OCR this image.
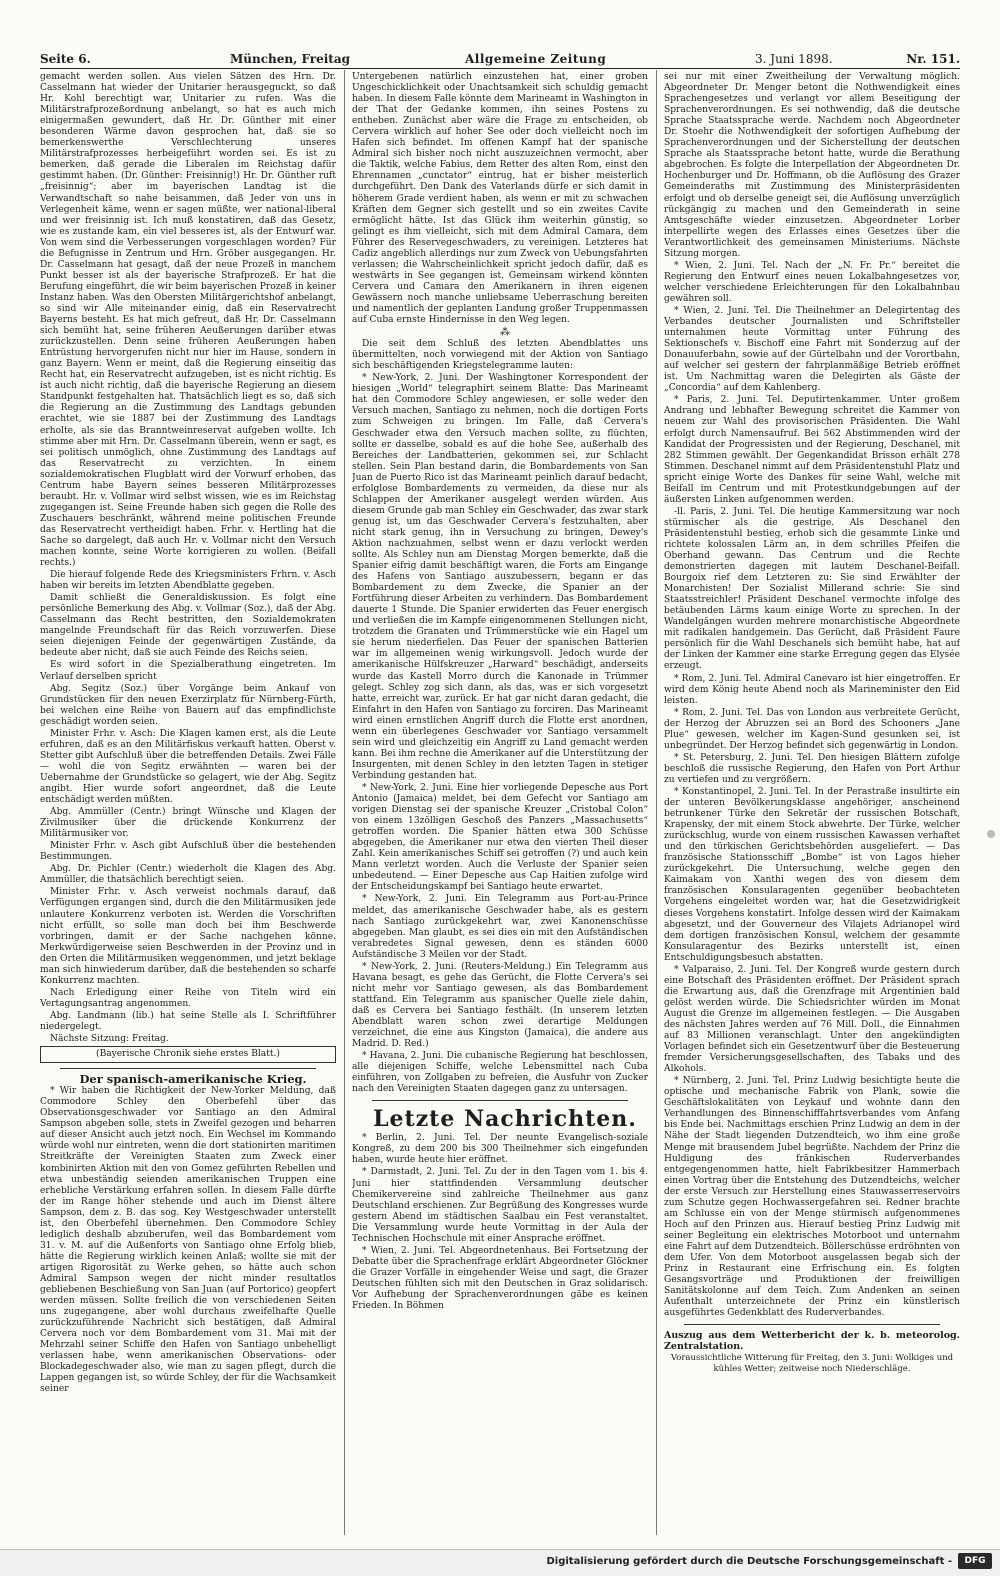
Seite 6.	München, Freitag	Allgemeine Zeitung	3. Juni 1898.	Nr. 151.

gemacht werden sollen. Aus vielen Sätzen des Hrn. Dr. Casselmann hat wieder der Unitarier herausgeguckt, so daß Hr. Kohl berechtigt war, Unitarier zu rufen. Was die Militärstrafprozeßordnung anbelangt, so hat es auch mich einigermaßen gewundert, daß Hr. Dr. Günther mit einer besonderen Wärme davon gesprochen hat, daß sie so bemerkenswerthe Verschlechterung unseres Militärstrafprozesses herbeigeführt worden sei. Es ist zu bemerken, daß gerade die Liberalen im Reichstag dafür gestimmt haben. (Dr. Günther: Freisinnig!) Hr. Dr. Günther ruft „freisinnig“; aber im bayerischen Landtag ist die Verwandtschaft so nahe beisammen, daß Jeder von uns in Verlegenheit käme, wenn er sagen müßte, wer national-liberal und wer freisinnig ist. Ich muß konstatiren, daß das Gesetz, wie es zustande kam, ein viel besseres ist, als der Entwurf war. Von wem sind die Verbesserungen vorgeschlagen worden? Für die Befugnisse in Zentrum und Hrn. Gröber ausgegangen. Hr. Dr. Casselmann hat gesagt, daß der neue Prozeß in manchem Punkt besser ist als der bayerische Strafprozeß. Er hat die Berufung eingeführt, die wir beim bayerischen Prozeß in keiner Instanz haben. Was den Obersten Militärgerichtshof anbelangt, so sind wir Alle miteinander einig, daß ein Reservatrecht Bayerns besteht. Es hat mich gefreut, daß Hr. Dr. Casselmann sich bemüht hat, seine früheren Aeußerungen darüber etwas zurückzustellen. Denn seine früheren Aeußerungen haben Entrüstung hervorgerufen nicht nur hier im Hause, sondern in ganz Bayern. Wenn er meint, daß die Regierung einseitig das Recht hat, ein Reservatrecht aufzugeben, ist es nicht richtig. Es ist auch nicht richtig, daß die bayerische Regierung an diesem Standpunkt festgehalten hat. Thatsächlich liegt es so, daß sich die Regierung an die Zustimmung des Landtags gebunden erachtet, wie sie 1887 bei der Zustimmung des Landtags erholte, als sie das Branntweinreservat aufgeben wollte. Ich stimme aber mit Hrn. Dr. Casselmann überein, wenn er sagt, es sei politisch unmöglich, ohne Zustimmung des Landtags auf das Reservatrecht zu verzichten. In einem sozialdemokratischen Flugblatt wird der Vorwurf erhoben, das Centrum habe Bayern seines besseren Militärprozesses beraubt. Hr. v. Vollmar wird selbst wissen, wie es im Reichstag zugegangen ist. Seine Freunde haben sich gegen die Rolle des Zuschauers beschränkt, während meine politischen Freunde das Reservatrecht vertheidigt haben. Frhr. v. Hertling hat die Sache so dargelegt, daß auch Hr. v. Vollmar nicht den Versuch machen konnte, seine Worte korrigieren zu wollen. (Beifall rechts.)

Die hierauf folgende Rede des Kriegsministers Frhrn. v. Asch haben wir bereits im letzten Abendblatte gegeben.

Damit schließt die Generaldiskussion. Es folgt eine persönliche Bemerkung des Abg. v. Vollmar (Soz.), daß der Abg. Casselmann das Recht bestritten, den Sozialdemokraten mangelnde Freundschaft für das Reich vorzuwerfen. Diese seien diejenigen Feinde der gegenwärtigen Zustände, da bedeute aber nicht, daß sie auch Feinde des Reichs seien.

Es wird sofort in die Spezialberathung eingetreten. Im Verlauf derselben spricht

Abg. Segitz (Soz.) über Vorgänge beim Ankauf von Grundstücken für den neuen Exerzirplatz für Nürnberg-Fürth, bei welchen eine Reihe von Bauern auf das empfindlichste geschädigt worden seien.

Minister Frhr. v. Asch: Die Klagen kamen erst, als die Leute erfuhren, daß es an den Militärfiskus verkauft hatten. Oberst v. Stetter gibt Aufschluß über die betreffenden Details. Zwei Fälle — wohl die von Segitz erwähnten — waren bei der Uebernahme der Grundstücke so gelagert, wie der Abg. Segitz angibt. Hier wurde sofort angeordnet, daß die Leute entschädigt werden müßten.

Abg. Ammüller (Centr.) bringt Wünsche und Klagen der Zivilmusiker über die drückende Konkurrenz der Militärmusiker vor.

Minister Frhr. v. Asch gibt Aufschluß über die bestehenden Bestimmungen.

Abg. Dr. Pichler (Centr.) wiederholt die Klagen des Abg. Ammüller, die thatsächlich berechtigt seien.

Minister Frhr. v. Asch verweist nochmals darauf, daß Verfügungen ergangen sind, durch die den Militärmusiken jede unlautere Konkurrenz verboten ist. Werden die Vorschriften nicht erfüllt, so solle man doch bei ihm Beschwerde vorbringen, damit er der Sache nachgehen könne. Merkwürdigerweise seien Beschwerden in der Provinz und in den Orten die Militärmusiken weggenommen, und jetzt beklage man sich hinwiederum darüber, daß die bestehenden so scharfe Konkurrenz machten.

Nach Erledigung einer Reihe von Titeln wird ein Vertagungsantrag angenommen.

Abg. Landmann (lib.) hat seine Stelle als I. Schriftführer niedergelegt.

Nächste Sitzung: Freitag.

(Bayerische Chronik siehe erstes Blatt.)

Der spanisch-amerikanische Krieg.

* Wir haben die Richtigkeit der New-Yorker Meldung, daß Commodore Schley den Oberbefehl über das Observationsgeschwader vor Santiago an den Admiral Sampson abgeben solle, stets in Zweifel gezogen und beharren auf dieser Ansicht auch jetzt noch. Ein Wechsel im Kommando würde wohl nur eintreten, wenn die dort stationirten maritimen Streitkräfte der Vereinigten Staaten zum Zweck einer kombinirten Aktion mit den von Gomez geführten Rebellen und etwa unbeständig seienden amerikanischen Truppen eine erhebliche Verstärkung erfahren sollen. In diesem Falle dürfte der im Range höher stehende und auch im Dienst ältere Sampson, dem z. B. das sog. Key Westgeschwader unterstellt ist, den Oberbefehl übernehmen. Den Commodore Schley lediglich deshalb abzuberufen, weil das Bombardement vom 31. v. M. auf die Außenforts von Santiago ohne Erfolg blieb, hätte die Regierung wirklich keinen Anlaß; wollte sie mit der artigen Rigorosität zu Werke gehen, so hätte auch schon Admiral Sampson wegen der nicht minder resultatlos gebliebenen Beschießung von San Juan (auf Portorico) geopfert werden müssen. Sollte freilich die von verschiedenen Seiten uns zugegangene, aber wohl durchaus zweifelhafte Quelle zurückzuführende Nachricht sich bestätigen, daß Admiral Cervera noch vor dem Bombardement vom 31. Mai mit der Mehrzahl seiner Schiffe den Hafen von Santiago unbehelligt verlassen habe, wenn amerikanischen Observations- oder Blockadegeschwader also, wie man zu sagen pflegt, durch die Lappen gegangen ist, so würde Schley, der für die Wachsamkeit seiner

Untergebenen natürlich einzustehen hat, einer groben Ungeschicklichkeit oder Unachtsamkeit sich schuldig gemacht haben. In diesem Falle könnte dem Marineamt in Washington in der That der Gedanke kommen, ihn seines Postens zu entheben. Zunächst aber wäre die Frage zu entscheiden, ob Cervera wirklich auf hoher See oder doch vielleicht noch im Hafen sich befindet. Im offenen Kampf hat der spanische Admiral sich bisher noch nicht auszuzeichnen vermocht, aber die Taktik, welche Fabius, dem Retter des alten Rom, einst den Ehrennamen „cunctator“ eintrug, hat er bisher meisterlich durchgeführt. Den Dank des Vaterlands dürfe er sich damit in höherem Grade verdient haben, als wenn er mit zu schwachen Kräften dem Gegner sich gestellt und so ein zweites Cavite ermöglicht hätte. Ist das Glück ihm weiterhin günstig, so gelingt es ihm vielleicht, sich mit dem Admiral Camara, dem Führer des Reservegeschwaders, zu vereinigen. Letzteres hat Cadiz angeblich allerdings nur zum Zweck von Uebungsfahrten verlassen; die Wahrscheinlichkeit spricht jedoch dafür, daß es westwärts in See gegangen ist. Gemeinsam wirkend könnten Cervera und Camara den Amerikanern in ihren eigenen Gewässern noch manche unliebsame Ueberraschung bereiten und namentlich der geplanten Landung großer Truppenmassen auf Cuba ernste Hindernisse in den Weg legen.

⁂

Die seit dem Schluß des letzten Abendblattes uns übermittelten, noch vorwiegend mit der Aktion von Santiago sich beschäftigenden Kriegstelegramme lauten:

* New-York, 2. Juni. Der Washingtoner Korrespondent der hiesigen „World“ telegraphirt seinem Blatte: Das Marineamt hat den Commodore Schley angewiesen, er solle weder den Versuch machen, Santiago zu nehmen, noch die dortigen Forts zum Schweigen zu bringen. Im Falle, daß Cervera's Geschwader etwa den Versuch machen sollte, zu flüchten, sollte er dasselbe, sobald es auf die hohe See, außerhalb des Bereiches der Landbatterien, gekommen sei, zur Schlacht stellen. Sein Plan bestand darin, die Bombardements von San Juan de Puerto Rico ist das Marineamt peinlich darauf bedacht, erfolglose Bombardements zu vermeiden, da diese nur als Schlappen der Amerikaner ausgelegt werden würden. Aus diesem Grunde gab man Schley ein Geschwader, das zwar stark genug ist, um das Geschwader Cervera's festzuhalten, aber nicht stark genug, ihn in Versuchung zu bringen, Dewey's Aktion nachzuahmen, selbst wenn er dazu verlockt werden sollte. Als Schley nun am Dienstag Morgen bemerkte, daß die Spanier eifrig damit beschäftigt waren, die Forts am Eingange des Hafens von Santiago auszubessern, begann er das Bombardement zu dem Zwecke, die Spanier an der Fortführung dieser Arbeiten zu verhindern. Das Bombardement dauerte 1 Stunde. Die Spanier erwiderten das Feuer energisch und verließen die im Kampfe eingenommenen Stellungen nicht, trotzdem die Granaten und Trümmerstücke wie ein Hagel um sie herum niederfielen. Das Feuer der spanischen Batterien war im allgemeinen wenig wirkungsvoll. Jedoch wurde der amerikanische Hülfskreuzer „Harward“ beschädigt, anderseits wurde das Kastell Morro durch die Kanonade in Trümmer gelegt. Schley zog sich dann, als das, was er sich vorgesetzt hatte, erreicht war, zurück. Er hat gar nicht daran gedacht, die Einfahrt in den Hafen von Santiago zu forciren. Das Marineamt wird einen ernstlichen Angriff durch die Flotte erst anordnen, wenn ein überlegenes Geschwader vor Santiago versammelt sein wird und gleichzeitig ein Angriff zu Land gemacht werden kann. Bei ihm rechne die Amerikaner auf die Unterstützung der Insurgenten, mit denen Schley in den letzten Tagen in stetiger Verbindung gestanden hat.

* New-York, 2. Juni. Eine hier vorliegende Depesche aus Port Antonio (Jamaica) meldet, bei dem Gefecht vor Santiago am vorigen Dienstag sei der spanische Kreuzer „Cristobal Colon“ von einem 13zölligen Geschoß des Panzers „Massachusetts“ getroffen worden. Die Spanier hätten etwa 300 Schüsse abgegeben, die Amerikaner nur etwa den vierten Theil dieser Zahl. Kein amerikanisches Schiff sei getroffen (?) und auch kein Mann verletzt worden. Auch die Verluste der Spanier seien unbedeutend. — Einer Depesche aus Cap Haitien zufolge wird der Entscheidungskampf bei Santiago heute erwartet.

* New-York, 2. Juni. Ein Telegramm aus Port-au-Prince meldet, das amerikanische Geschwader habe, als es gestern nach Santiago zurückgekehrt war, zwei Kanonenschüsse abgegeben. Man glaubt, es sei dies ein mit den Aufständischen verabredetes Signal gewesen, denn es ständen 6000 Aufständische 3 Meilen vor der Stadt.

* New-York, 2. Juni. (Reuters-Meldung.) Ein Telegramm aus Havana besagt, es gehe das Gerücht, die Flotte Cervera's sei nicht mehr vor Santiago gewesen, als das Bombardement stattfand. Ein Telegramm aus spanischer Quelle ziele dahin, daß es Cervera bei Santiago festhält. (In unserem letzten Abendblatt waren schon zwei derartige Meldungen verzeichnet, die eine aus Kingston (Jamaica), die andere aus Madrid. D. Red.)

* Havana, 2. Juni. Die cubanische Regierung hat beschlossen, alle diejenigen Schiffe, welche Lebensmittel nach Cuba einführen, von Zollgaben zu befreien, die Ausfuhr von Zucker nach den Vereinigten Staaten dagegen ganz zu untersagen.

Letzte Nachrichten.

* Berlin, 2. Juni. Tel. Der neunte Evangelisch-soziale Kongreß, zu dem 200 bis 300 Theilnehmer sich eingefunden haben, wurde heute hier eröffnet.

* Darmstadt, 2. Juni. Tel. Zu der in den Tagen vom 1. bis 4. Juni hier stattfindenden Versammlung deutscher Chemikervereine sind zahlreiche Theilnehmer aus ganz Deutschland erschienen. Zur Begrüßung des Kongresses wurde gestern Abend im städtischen Saalbau ein Fest veranstaltet. Die Versammlung wurde heute Vormittag in der Aula der Technischen Hochschule mit einer Ansprache eröffnet.

* Wien, 2. Juni. Tel. Abgeordnetenhaus. Bei Fortsetzung der Debatte über die Sprachenfrage erklärt Abgeordneter Glöckner die Grazer Vorfälle in eingehender Weise und sagt, die Grazer Deutschen fühlten sich mit den Deutschen in Graz solidarisch. Vor Aufhebung der Sprachenverordnungen gäbe es keinen Frieden. In Böhmen

sei nur mit einer Zweitheilung der Verwaltung möglich. Abgeordneter Dr. Menger betont die Nothwendigkeit eines Sprachengesetzes und verlangt vor allem Beseitigung der Sprachenverordnungen. Es sei nothwendig, daß die deutsche Sprache Staatssprache werde. Nachdem noch Abgeordneter Dr. Stoehr die Nothwendigkeit der sofortigen Aufhebung der Sprachenverordnungen und der Sicherstellung der deutschen Sprache als Staatssprache betont hatte, wurde die Berathung abgebrochen. Es folgte die Interpellation der Abgeordneten Dr. Hochenburger und Dr. Hoffmann, ob die Auflösung des Grazer Gemeinderaths mit Zustimmung des Ministerpräsidenten erfolgt und ob derselbe geneigt sei, die Auflösung unverzüglich rückgängig zu machen und den Gemeinderath in seine Amtsgeschäfte wieder einzusetzen. Abgeordneter Lorber interpellirte wegen des Erlasses eines Gesetzes über die Verantwortlichkeit des gemeinsamen Ministeriums. Nächste Sitzung morgen.

* Wien, 2. Juni. Tel. Nach der „N. Fr. Pr.“ bereitet die Regierung den Entwurf eines neuen Lokalbahngesetzes vor, welcher verschiedene Erleichterungen für den Lokalbahnbau gewähren soll.

* Wien, 2. Juni. Tel. Die Theilnehmer an Delegirtentag des Verbandes deutscher Journalisten und Schriftsteller unternahmen heute Vormittag unter Führung des Sektionschefs v. Bischoff eine Fahrt mit Sonderzug auf der Donauuferbahn, sowie auf der Gürtelbahn und der Vorortbahn, auf welcher sei gestern der fahrplanmäßige Betrieb eröffnet ist. Um Nachmittag waren die Delegirten als Gäste der „Concordia“ auf dem Kahlenberg.

* Paris, 2. Juni. Tel. Deputirtenkammer. Unter großem Andrang und lebhafter Bewegung schreitet die Kammer von neuem zur Wahl des provisorischen Präsidenten. Die Wahl erfolgt durch Namensaufruf. Bei 562 Abstimmenden wird der Kandidat der Progressisten und der Regierung, Deschanel, mit 282 Stimmen gewählt. Der Gegenkandidat Brisson erhält 278 Stimmen. Deschanel nimmt auf dem Präsidentenstuhl Platz und spricht einige Worte des Dankes für seine Wahl, welche mit Beifall im Centrum und mit Protestkundgebungen auf der äußersten Linken aufgenommen werden.

-ll. Paris, 2. Juni. Tel. Die heutige Kammersitzung war noch stürmischer als die gestrige. Als Deschanel den Präsidentenstuhl bestieg, erhob sich die gesammte Linke und richtete kolossalen Lärm an, in dem schrilles Pfeifen die Oberhand gewann. Das Centrum und die Rechte demonstrierten dagegen mit lautem Deschanel-Beifall. Bourgoix rief dem Letzteren zu: Sie sind Erwählter der Monarchisten! Der Sozialist Millerand schrie: Sie sind Staatsstreichler! Präsident Deschanel vermochte infolge des betäubenden Lärms kaum einige Worte zu sprechen. In der Wandelgängen wurden mehrere monarchistische Abgeordnete mit radikalen handgemein. Das Gerücht, daß Präsident Faure persönlich für die Wahl Deschanels sich bemüht habe, hat auf der Linken der Kammer eine starke Erregung gegen das Elysée erzeugt.

* Rom, 2. Juni. Tel. Admiral Canevaro ist hier eingetroffen. Er wird dem König heute Abend noch als Marineminister den Eid leisten.

* Rom, 2. Juni. Tel. Das von London aus verbreitete Gerücht, der Herzog der Abruzzen sei an Bord des Schooners „Jane Plue“ gewesen, welcher im Kagen-Sund gesunken sei, ist unbegründet. Der Herzog befindet sich gegenwärtig in London.

* St. Petersburg, 2. Juni. Tel. Den hiesigen Blättern zufolge beschloß die russische Regierung, den Hafen von Port Arthur zu vertiefen und zu vergrößern.

* Konstantinopel, 2. Juni. Tel. In der Perastraße insultirte ein der unteren Bevölkerungsklasse angehöriger, anscheinend betrunkener Türke den Sekretär der russischen Botschaft, Krapensky, der mit einem Stock abwehrte. Der Türke, welcher zurückschlug, wurde von einem russischen Kawassen verhaftet und den türkischen Gerichtsbehörden ausgeliefert. — Das französische Stationsschiff „Bombe“ ist von Lagos hieher zurückgekehrt. Die Untersuchung, welche gegen den Kaimakam von Xanthi wegen des von diesem dem französischen Konsularagenten gegenüber beobachteten Vorgehens eingeleitet worden war, hat die Gesetzwidrigkeit dieses Vorgehens konstatirt. Infolge dessen wird der Kaimakam abgesetzt, und der Gouverneur des Vilajets Adrianopel wird dem dortigen französischen Konsul, welchem der gesammte Konsularagentur des Bezirks unterstellt ist, einen Entschuldigungsbesuch abstatten.

* Valparaiso, 2. Juni. Tel. Der Kongreß wurde gestern durch eine Botschaft des Präsidenten eröffnet. Der Präsident sprach die Erwartung aus, daß die Grenzfrage mit Argentinien bald gelöst werden würde. Die Schiedsrichter würden im Monat August die Grenze im allgemeinen festlegen. — Die Ausgaben des nächsten Jahres werden auf 76 Mill. Doll., die Einnahmen auf 83 Millionen veranschlagt. Unter den angekündigten Vorlagen befindet sich ein Gesetzentwurf über die Besteuerung fremder Versicherungsgesellschaften, des Tabaks und des Alkohols.

* Nürnberg, 2. Juni. Tel. Prinz Ludwig besichtigte heute die optische und mechanische Fabrik von Plank, sowie die Geschäftslokalitäten von Leykauf und wohnte dann den Verhandlungen des Binnenschifffahrtsverbandes vom Anfang bis Ende bei. Nachmittags erschien Prinz Ludwig an dem in der Nähe der Stadt liegenden Dutzendteich, wo ihm eine große Menge mit brausendem Jubel begrüßte. Nachdem der Prinz die Huldigung des fränkischen Ruderverbandes entgegengenommen hatte, hielt Fabrikbesitzer Hammerbach einen Vortrag über die Entstehung des Dutzendteichs, welcher der erste Versuch zur Herstellung eines Stauwasserreservoirs zum Schutze gegen Hochwassergefahren sei. Redner brachte am Schlusse ein von der Menge stürmisch aufgenommenes Hoch auf den Prinzen aus. Hierauf bestieg Prinz Ludwig mit seiner Begleitung ein elektrisches Motorboot und unternahm eine Fahrt auf dem Dutzendteich. Böllerschüsse erdröhnten von dem Ufer. Von dem Motorboot ausgelassen begab sich der Prinz in Restaurant eine Erfrischung ein. Es folgten Gesangsvorträge und Produktionen der freiwilligen Sanitätskolonne auf dem Teich. Zum Andenken an seinen Aufenthalt unterzeichnete der Prinz ein künstlerisch ausgeführtes Gedenkblatt des Ruderverbandes.

Auszug aus dem Wetterbericht der k. b. meteorolog. Zentralstation.

Voraussichtliche Witterung für Freitag, den 3. Juni: Wolkiges und kühles Wetter; zeitweise noch Niederschläge.

Digitalisierung gefördert durch die Deutsche Forschungsgemeinschaft -	DFG
